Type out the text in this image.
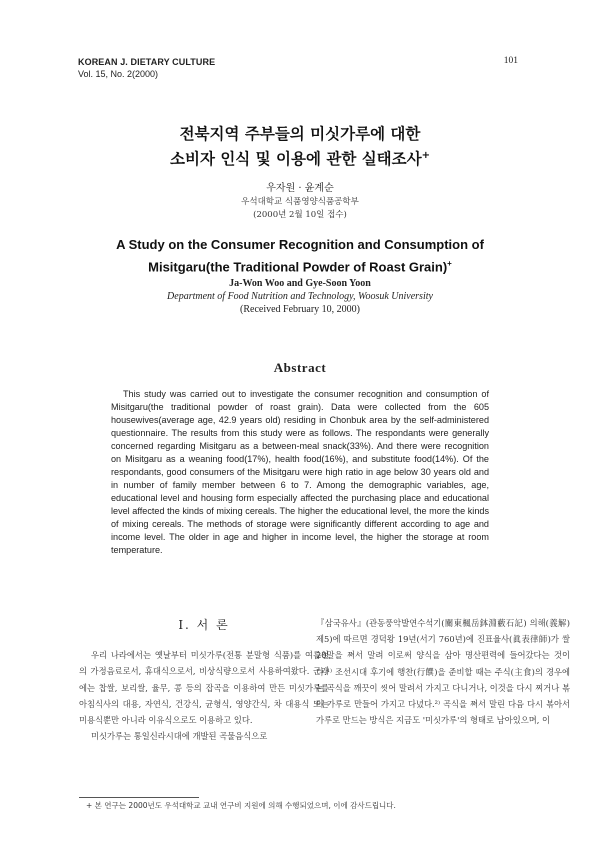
KOREAN J. DIETARY CULTURE
Vol. 15, No. 2(2000)
101
전북지역 주부들의 미싯가루에 대한
소비자 인식 및 이용에 관한 실태조사+
우자원 · 윤계순
우석대학교 식품영양식품공학부
(2000년 2월 10일 접수)
A Study on the Consumer Recognition and Consumption of
Misitgaru(the Traditional Powder of Roast Grain)+
Ja-Won Woo and Gye-Soon Yoon
Department of Food Nutrition and Technology, Woosuk University
(Received February 10, 2000)
Abstract

This study was carried out to investigate the consumer recognition and consumption of Misitgaru(the traditional powder of roast grain). Data were collected from the 605 housewives(average age, 42.9 years old) residing in Chonbuk area by the self-administered questionnaire. The results from this study were as follows. The respondants were generally concerned regarding Misitgaru as a between-meal snack(33%). And there were recognition on Misitgaru as a weaning food(17%), health food(16%), and substitute food(14%). Of the respondants, good consumers of the Misitgaru were high ratio in age below 30 years old and in number of family member between 6 to 7. Among the demographic variables, age, educational level and housing form especially affected the purchasing place and educational level affected the kinds of mixing cereals. The higher the educational level, the more the kinds of mixing cereals. The methods of storage were significantly different according to age and income level. The older in age and higher in income level, the higher the storage at room temperature.

I. 서 론

우리 나라에서는 옛날부터 미싯가루(전통 분말형 식품)를 여름철의 가정음료로서, 휴대식으로서, 비상식량으로서 사용하여왔다. 근래에는 찹쌀, 보리쌀, 율무, 콩 등의 잡곡을 이용하여 만든 미싯가루를 아침식사의 대용, 자연식, 건강식, 균형식, 영양간식, 차 대용식 또는 미용식뿐만 아니라 이유식으로도 이용하고 있다.

미싯가루는 통일신라시대에 개발된 곡물음식으로

『삼국유사』(관동풍악발연수석기(關東楓岳鉢淵藪石記) 의해(義解) 제5)에 따르면 경덕왕 19년(서기 760년)에 진표율사(眞表律師)가 쌀 20말을 쪄서 말려 이로써 양식을 삼아 명산편력에 들어갔다는 것이다.¹⁾ 조선시대 후기에 행찬(行饌)을 준비할 때는 주식(主食)의 경우에는 곡식을 깨끗이 씻어 말려서 가지고 다니거나, 이것을 다시 찌거나 볶아 가루로 만들어 가지고 다녔다.²⁾ 곡식을 쪄서 말린 다음 다시 볶아서 가루로 만드는 방식은 지금도 '미싯가루'의 형태로 남아있으며, 이

+ 본 연구는 2000년도 우석대학교 교내 연구비 지원에 의해 수행되었으며, 이에 감사드립니다.
